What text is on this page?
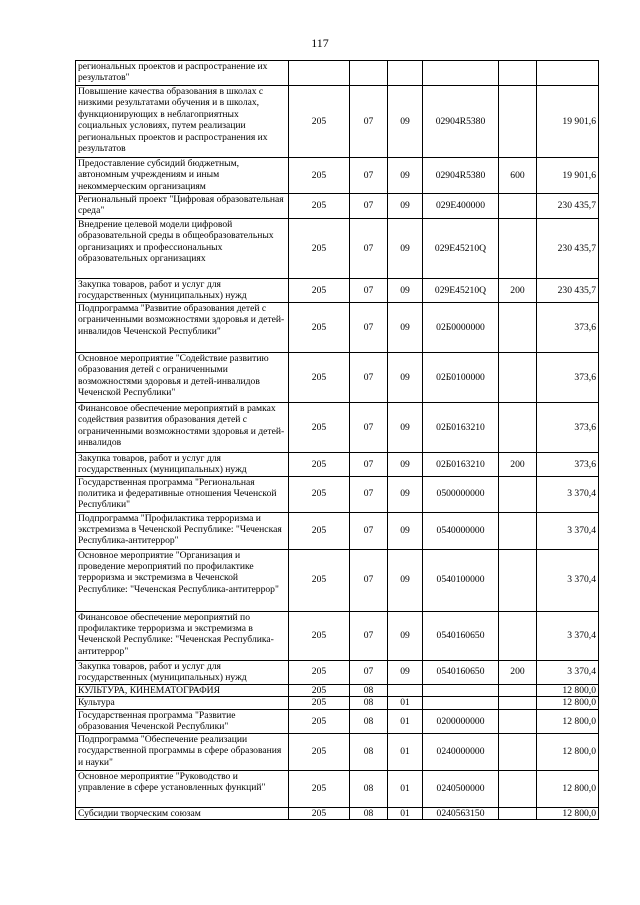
117
региональных проектов и распространение их результатов"						
Повышение качества образования в школах с низкими результатами обучения и в школах, функционирующих в неблагоприятных социальных условиях, путем реализации региональных проектов и распространения их результатов	205	07	09	02904R5380		19 901,6
Предоставление субсидий бюджетным, автономным учреждениям и иным некоммерческим организациям	205	07	09	02904R5380	600	19 901,6
Региональный проект "Цифровая образовательная среда"	205	07	09	029Е400000		230 435,7
Внедрение целевой модели цифровой образовательной среды в общеобразовательных организациях и профессиональных образовательных организациях	205	07	09	029Е45210Q		230 435,7
Закупка товаров, работ и услуг для государственных (муниципальных) нужд	205	07	09	029Е45210Q	200	230 435,7
Подпрограмма "Развитие образования детей с ограниченными возможностями здоровья и детей-инвалидов Чеченской Республики"	205	07	09	02Б0000000		373,6
Основное мероприятие "Содействие развитию образования детей с ограниченными возможностями здоровья и детей-инвалидов Чеченской Республики"	205	07	09	02Б0100000		373,6
Финансовое обеспечение мероприятий в рамках содействия развития образования детей с ограниченными возможностями здоровья и детей-инвалидов	205	07	09	02Б0163210		373,6
Закупка товаров, работ и услуг для государственных (муниципальных) нужд	205	07	09	02Б0163210	200	373,6
Государственная программа "Региональная политика и федеративные отношения Чеченской Республики"	205	07	09	0500000000		3 370,4
Подпрограмма "Профилактика терроризма и экстремизма в Чеченской Республике: "Чеченская Республика-антитеррор"	205	07	09	0540000000		3 370,4
Основное мероприятие "Организация и проведение мероприятий по профилактике терроризма и экстремизма в Чеченской Республике: "Чеченская Республика-антитеррор"	205	07	09	0540100000		3 370,4
Финансовое обеспечение мероприятий по профилактике терроризма и экстремизма в Чеченской Республике: "Чеченская Республика-антитеррор"	205	07	09	0540160650		3 370,4
Закупка товаров, работ и услуг для государственных (муниципальных) нужд	205	07	09	0540160650	200	3 370,4
КУЛЬТУРА, КИНЕМАТОГРАФИЯ	205	08				12 800,0
Культура	205	08	01			12 800,0
Государственная программа "Развитие образования Чеченской Республики"	205	08	01	0200000000		12 800,0
Подпрограмма "Обеспечение реализации государственной программы в сфере образования и науки"	205	08	01	0240000000		12 800,0
Основное мероприятие "Руководство и управление в сфере установленных функций"	205	08	01	0240500000		12 800,0
Субсидии творческим союзам	205	08	01	0240563150		12 800,0
